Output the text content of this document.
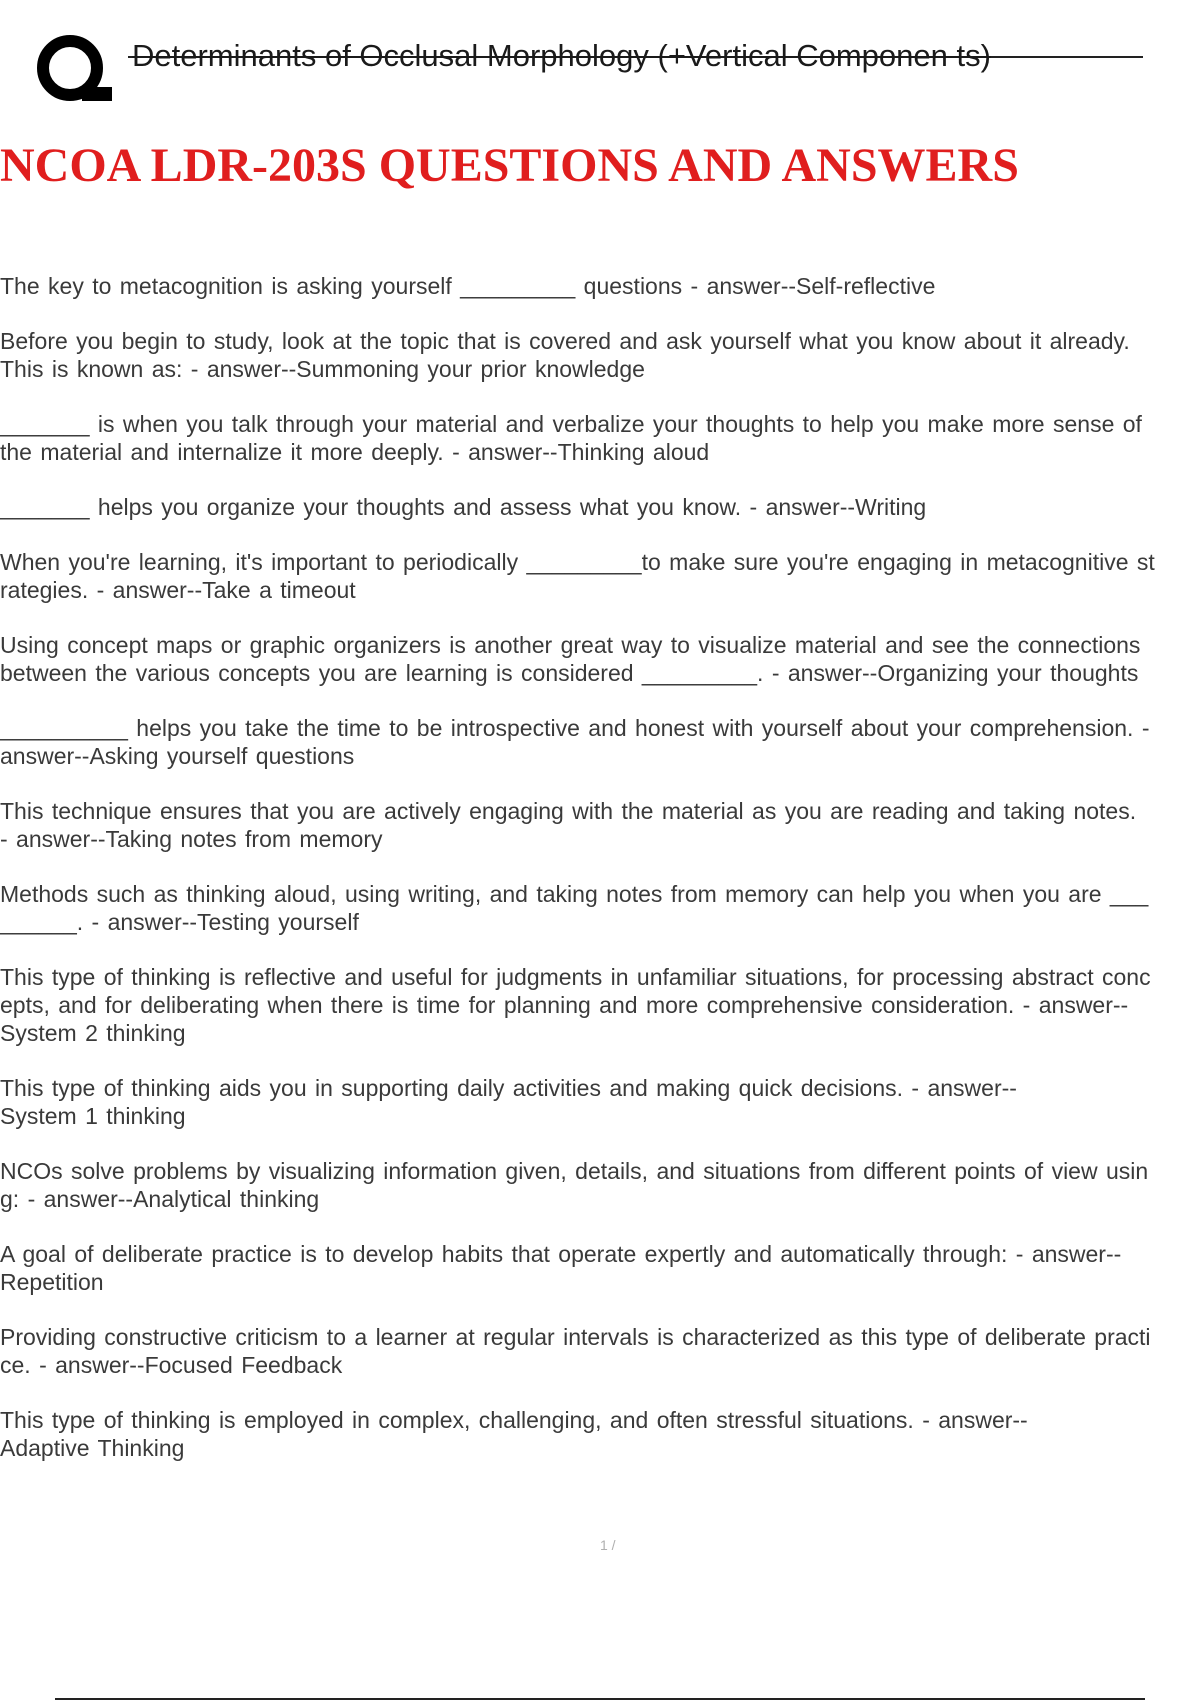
Determinants of Occlusal Morphology (+Vertical Componen ts)
NCOA LDR-203S QUESTIONS AND ANSWERS
The key to metacognition is asking yourself _________ questions - answer--Self-reflective
Before you begin to study, look at the topic that is covered and ask yourself what you know about it already.
This is known as: - answer--Summoning your prior knowledge
_______ is when you talk through your material and verbalize your thoughts to help you make more sense of
the material and internalize it more deeply. - answer--Thinking aloud
_______ helps you organize your thoughts and assess what you know. - answer--Writing
When you're learning, it's important to periodically _________to make sure you're engaging in metacognitive st
rategies. - answer--Take a timeout
Using concept maps or graphic organizers is another great way to visualize material and see the connections
between the various concepts you are learning is considered _________. - answer--Organizing your thoughts
__________ helps you take the time to be introspective and honest with yourself about your comprehension. -
answer--Asking yourself questions
This technique ensures that you are actively engaging with the material as you are reading and taking notes.
- answer--Taking notes from memory
Methods such as thinking aloud, using writing, and taking notes from memory can help you when you are ___
______. - answer--Testing yourself
This type of thinking is reflective and useful for judgments in unfamiliar situations, for processing abstract conc
epts, and for deliberating when there is time for planning and more comprehensive consideration. - answer--
System 2 thinking
This type of thinking aids you in supporting daily activities and making quick decisions. - answer--
System 1 thinking
NCOs solve problems by visualizing information given, details, and situations from different points of view usin
g: - answer--Analytical thinking
A goal of deliberate practice is to develop habits that operate expertly and automatically through: - answer--
Repetition
Providing constructive criticism to a learner at regular intervals is characterized as this type of deliberate practi
ce. - answer--Focused Feedback
This type of thinking is employed in complex, challenging, and often stressful situations. - answer--
Adaptive Thinking
1 /
